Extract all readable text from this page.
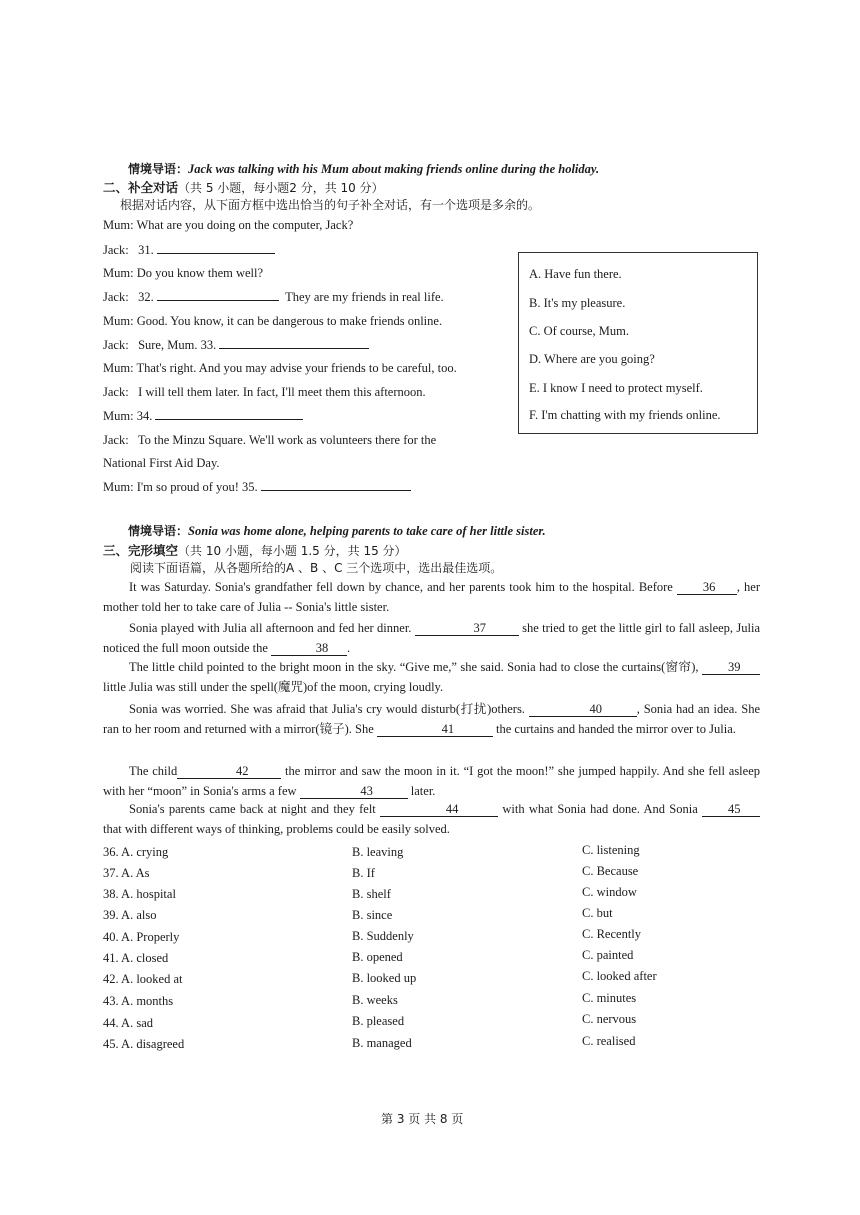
情境导语：Jack was talking with his Mum about making friends online during the holiday.
二、补全对话（共 5 小题，每小题2 分，共 10 分）
根据对话内容，从下面方框中选出恰当的句子补全对话，有一个选项是多余的。
Mum: What are you doing on the computer, Jack?
Jack: 31.
Mum: Do you know them well?
Jack: 32.	They are my friends in real life.
Mum: Good. You know, it can be dangerous to make friends online.
Jack: Sure, Mum. 33.
Mum: That's right. And you may advise your friends to be careful, too.
Jack: I will tell them later. In fact, I'll meet them this afternoon.
Mum: 34.
Jack: To the Minzu Square. We'll work as volunteers there for the
National First Aid Day.
Mum: I'm so proud of you! 35.
A. Have fun there.
B. It's my pleasure.
C. Of course, Mum.
D. Where are you going?
E. I know I need to protect myself.
F. I'm chatting with my friends online.
情境导语：Sonia was home alone, helping parents to take care of her little sister.
三、完形填空（共 10 小题，每小题 1.5 分，共 15 分）
阅读下面语篇，从各题所给的A 、B 、C 三个选项中，选出最佳选项。
It was Saturday. Sonia's grandfather fell down by chance, and her parents took him to the hospital. Before 36 , her mother told her to take care of Julia -- Sonia's little sister.
Sonia played with Julia all afternoon and fed her dinner.	37	she tried to get the little girl to fall asleep, Julia noticed the full moon outside the	38 .
The little child pointed to the bright moon in the sky. “Give me,” she said. Sonia had to close the curtains(窗帘), 39 little Julia was still under the spell(魔咒)of the moon, crying loudly.
Sonia was worried. She was afraid that Julia's cry would disturb(打扰)others.	40	, Sonia had an idea. She ran to her room and returned with a mirror(镜子). She	41	the curtains and handed the mirror over to Julia.
The child	42	the mirror and saw the moon in it. “I got the moon!” she jumped happily. And she fell asleep with her “moon” in Sonia's arms a few	43	later.
Sonia's parents came back at night and they felt	44	with what Sonia had done. And Sonia 45 that with different ways of thinking, problems could be easily solved.
36. A. crying	B. leaving	C. listening
37. A. As	B. If	C. Because
38. A. hospital	B. shelf	C. window
39. A. also	B. since	C. but
40. A. Properly	B. Suddenly	C. Recently
41. A. closed	B. opened	C. painted
42. A. looked at	B. looked up	C. looked after
43. A. months	B. weeks	C. minutes
44. A. sad	B. pleased	C. nervous
45. A. disagreed	B. managed	C. realised
第 3 页 共 8 页
